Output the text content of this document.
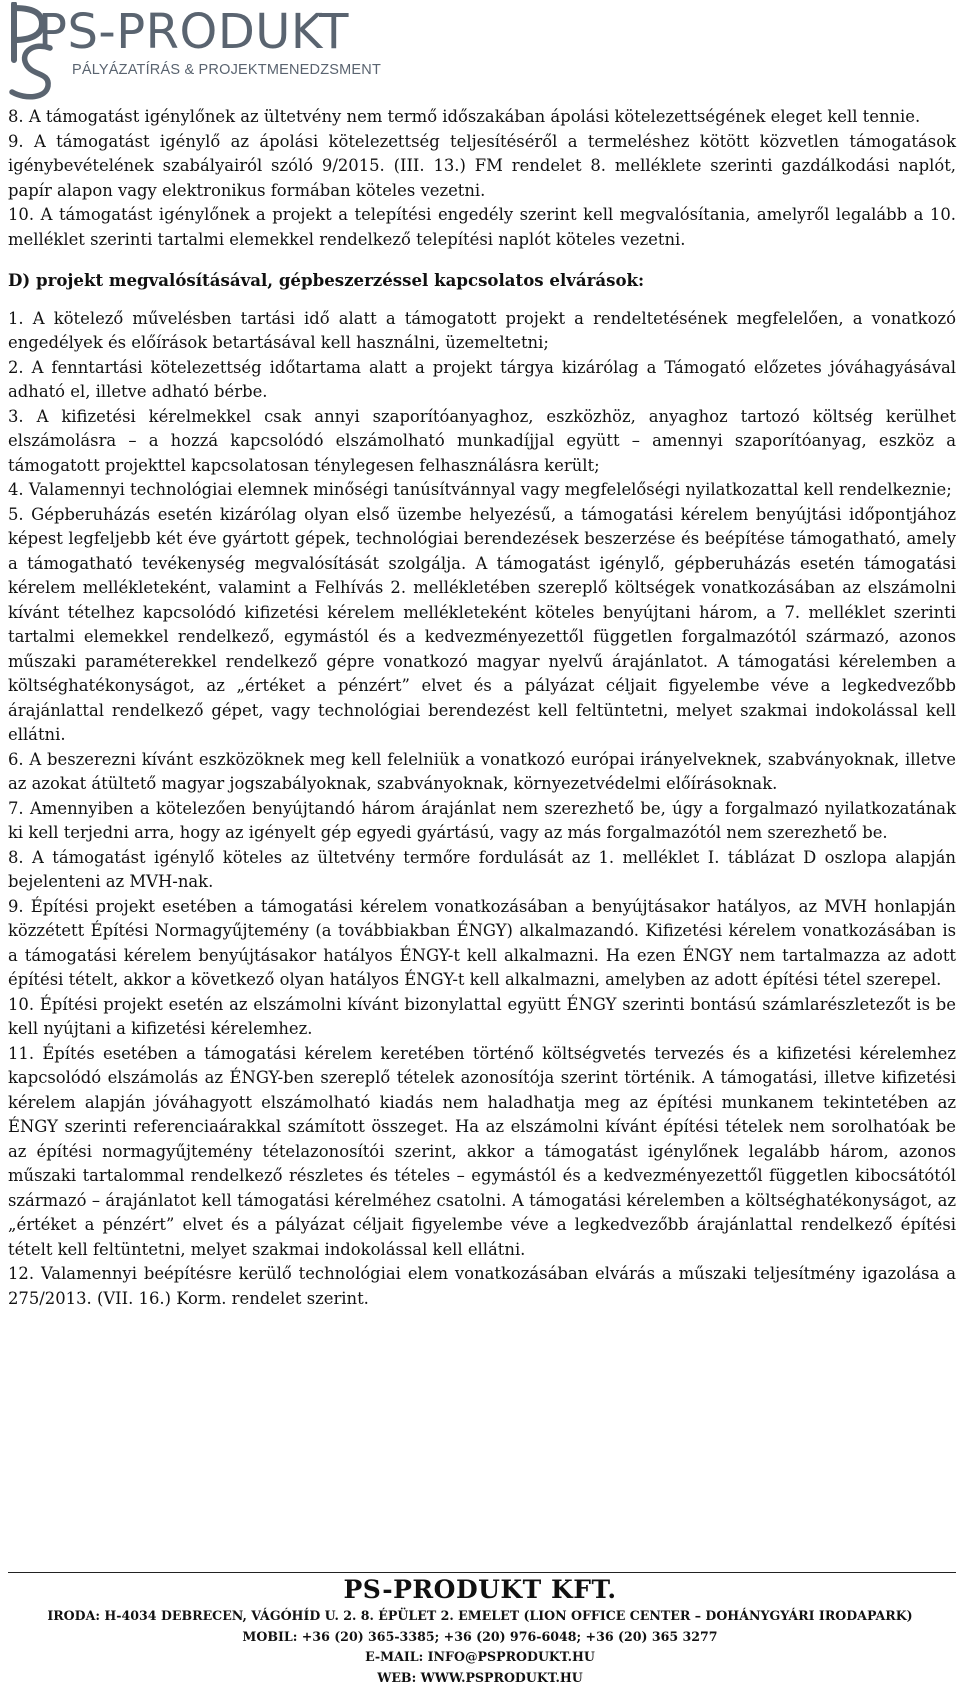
PS-PRODUKT
PÁLYÁZATÍRÁS & PROJEKTMENEDZSMENT

8. A támogatást igénylőnek az ültetvény nem termő időszakában ápolási kötelezettségének eleget kell tennie.

9. A támogatást igénylő az ápolási kötelezettség teljesítéséről a termeléshez kötött közvetlen támogatások igénybevételének szabályairól szóló 9/2015. (III. 13.) FM rendelet 8. melléklete szerinti gazdálkodási naplót, papír alapon vagy elektronikus formában köteles vezetni.

10. A támogatást igénylőnek a projekt a telepítési engedély szerint kell megvalósítania, amelyről legalább a 10. melléklet szerinti tartalmi elemekkel rendelkező telepítési naplót köteles vezetni.

D) projekt megvalósításával, gépbeszerzéssel kapcsolatos elvárások:

1. A kötelező művelésben tartási idő alatt a támogatott projekt a rendeltetésének megfelelően, a vonatkozó engedélyek és előírások betartásával kell használni, üzemeltetni;

2. A fenntartási kötelezettség időtartama alatt a projekt tárgya kizárólag a Támogató előzetes jóváhagyásával adható el, illetve adható bérbe.

3. A kifizetési kérelmekkel csak annyi szaporítóanyaghoz, eszközhöz, anyaghoz tartozó költség kerülhet elszámolásra – a hozzá kapcsolódó elszámolható munkadíjjal együtt – amennyi szaporítóanyag, eszköz a támogatott projekttel kapcsolatosan ténylegesen felhasználásra került;

4. Valamennyi technológiai elemnek minőségi tanúsítvánnyal vagy megfelelőségi nyilatkozattal kell rendelkeznie;

5. Gépberuházás esetén kizárólag olyan első üzembe helyezésű, a támogatási kérelem benyújtási időpontjához képest legfeljebb két éve gyártott gépek, technológiai berendezések beszerzése és beépítése támogatható, amely a támogatható tevékenység megvalósítását szolgálja. A támogatást igénylő, gépberuházás esetén támogatási kérelem mellékleteként, valamint a Felhívás 2. mellékletében szereplő költségek vonatkozásában az elszámolni kívánt tételhez kapcsolódó kifizetési kérelem mellékleteként köteles benyújtani három, a 7. melléklet szerinti tartalmi elemekkel rendelkező, egymástól és a kedvezményezettől független forgalmazótól származó, azonos műszaki paraméterekkel rendelkező gépre vonatkozó magyar nyelvű árajánlatot. A támogatási kérelemben a költséghatékonyságot, az „értéket a pénzért” elvet és a pályázat céljait figyelembe véve a legkedvezőbb árajánlattal rendelkező gépet, vagy technológiai berendezést kell feltüntetni, melyet szakmai indokolással kell ellátni.

6. A beszerezni kívánt eszközöknek meg kell felelniük a vonatkozó európai irányelveknek, szabványoknak, illetve az azokat átültető magyar jogszabályoknak, szabványoknak, környezetvédelmi előírásoknak.

7. Amennyiben a kötelezően benyújtandó három árajánlat nem szerezhető be, úgy a forgalmazó nyilatkozatának ki kell terjedni arra, hogy az igényelt gép egyedi gyártású, vagy az más forgalmazótól nem szerezhető be.

8. A támogatást igénylő köteles az ültetvény termőre fordulását az 1. melléklet I. táblázat D oszlopa alapján bejelenteni az MVH-nak.

9. Építési projekt esetében a támogatási kérelem vonatkozásában a benyújtásakor hatályos, az MVH honlapján közzétett Építési Normagyűjtemény (a továbbiakban ÉNGY) alkalmazandó. Kifizetési kérelem vonatkozásában is a támogatási kérelem benyújtásakor hatályos ÉNGY-t kell alkalmazni. Ha ezen ÉNGY nem tartalmazza az adott építési tételt, akkor a következő olyan hatályos ÉNGY-t kell alkalmazni, amelyben az adott építési tétel szerepel.

10. Építési projekt esetén az elszámolni kívánt bizonylattal együtt ÉNGY szerinti bontású számlarészletezőt is be kell nyújtani a kifizetési kérelemhez.

11. Építés esetében a támogatási kérelem keretében történő költségvetés tervezés és a kifizetési kérelemhez kapcsolódó elszámolás az ÉNGY-ben szereplő tételek azonosítója szerint történik. A támogatási, illetve kifizetési kérelem alapján jóváhagyott elszámolható kiadás nem haladhatja meg az építési munkanem tekintetében az ÉNGY szerinti referenciaárakkal számított összeget. Ha az elszámolni kívánt építési tételek nem sorolhatóak be az építési normagyűjtemény tételazonosítói szerint, akkor a támogatást igénylőnek legalább három, azonos műszaki tartalommal rendelkező részletes és tételes – egymástól és a kedvezményezettől független kibocsátótól származó – árajánlatot kell támogatási kérelméhez csatolni. A támogatási kérelemben a költséghatékonyságot, az „értéket a pénzért” elvet és a pályázat céljait figyelembe véve a legkedvezőbb árajánlattal rendelkező építési tételt kell feltüntetni, melyet szakmai indokolással kell ellátni.

12. Valamennyi beépítésre kerülő technológiai elem vonatkozásában elvárás a műszaki teljesítmény igazolása a 275/2013. (VII. 16.) Korm. rendelet szerint.

PS-PRODUKT KFT.
IRODA: H-4034 DEBRECEN, VÁGÓHÍD U. 2. 8. ÉPÜLET 2. EMELET (LION OFFICE CENTER – DOHÁNYGYÁRI IRODAPARK)
MOBIL: +36 (20) 365-3385; +36 (20) 976-6048; +36 (20) 365 3277
E-MAIL: INFO@PSPRODUKT.HU
WEB: WWW.PSPRODUKT.HU
